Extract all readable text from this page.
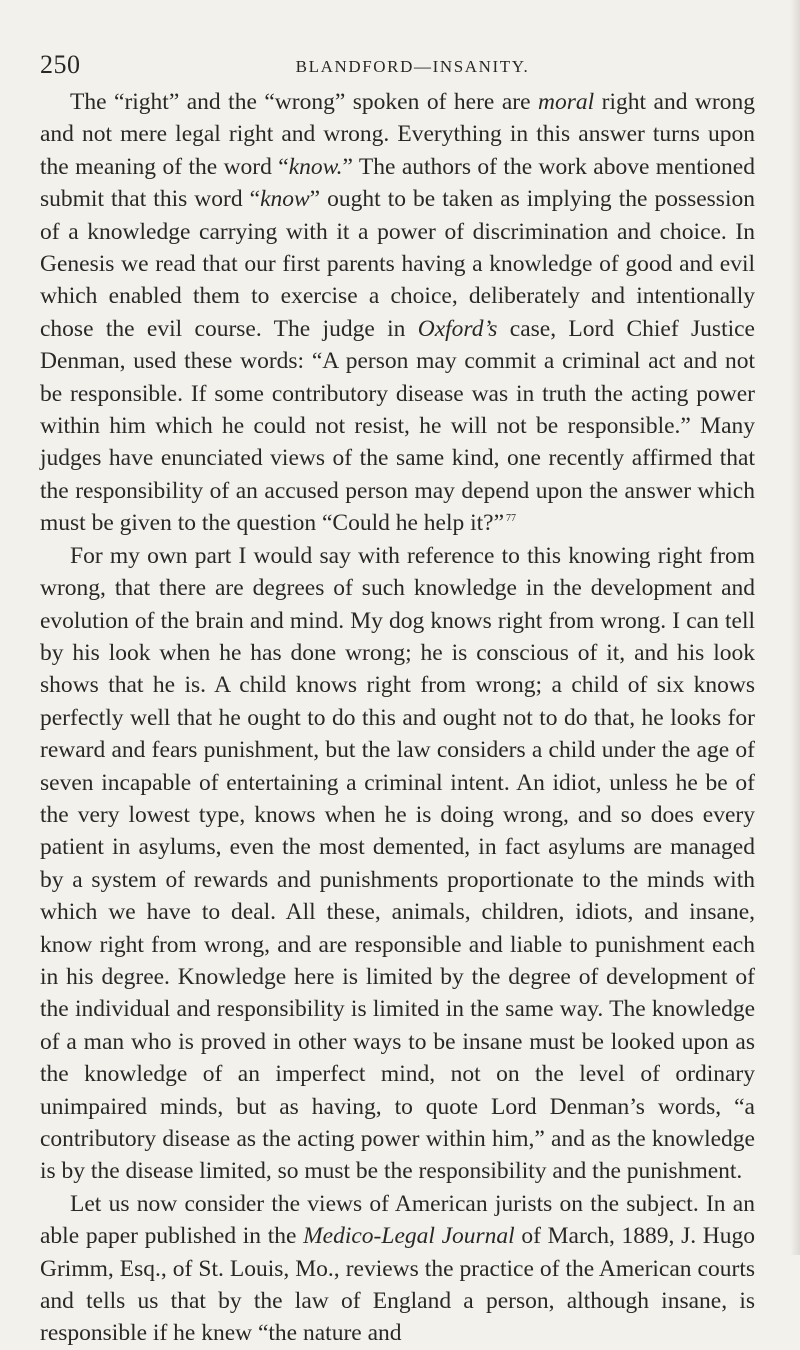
250	BLANDFORD—INSANITY.

The “right” and the “wrong” spoken of here are moral right and wrong and not mere legal right and wrong. Everything in this answer turns upon the meaning of the word “know.” The authors of the work above mentioned submit that this word “know” ought to be taken as implying the possession of a knowledge carrying with it a power of discrimination and choice. In Genesis we read that our first parents having a knowledge of good and evil which enabled them to exercise a choice, deliberately and intentionally chose the evil course. The judge in Oxford’s case, Lord Chief Justice Denman, used these words: “A person may commit a criminal act and not be responsible. If some contributory disease was in truth the acting power within him which he could not resist, he will not be responsible.” Many judges have enunciated views of the same kind, one recently affirmed that the responsibility of an accused person may depend upon the answer which must be given to the question “Could he help it?” $^{77}$

For my own part I would say with reference to this knowing right from wrong, that there are degrees of such knowledge in the development and evolution of the brain and mind. My dog knows right from wrong. I can tell by his look when he has done wrong; he is conscious of it, and his look shows that he is. A child knows right from wrong; a child of six knows perfectly well that he ought to do this and ought not to do that, he looks for reward and fears punishment, but the law considers a child under the age of seven incapable of entertaining a criminal intent. An idiot, unless he be of the very lowest type, knows when he is doing wrong, and so does every patient in asylums, even the most demented, in fact asylums are managed by a system of rewards and punishments proportionate to the minds with which we have to deal. All these, animals, children, idiots, and insane, know right from wrong, and are responsible and liable to punishment each in his degree. Knowledge here is limited by the degree of development of the individual and responsibility is limited in the same way. The knowledge of a man who is proved in other ways to be insane must be looked upon as the knowledge of an imperfect mind, not on the level of ordinary unimpaired minds, but as having, to quote Lord Denman’s words, “a contributory disease as the acting power within him,” and as the knowledge is by the disease limited, so must be the responsibility and the punishment.

Let us now consider the views of American jurists on the subject. In an able paper published in the Medico-Legal Journal of March, 1889, J. Hugo Grimm, Esq., of St. Louis, Mo., reviews the practice of the American courts and tells us that by the law of England a person, although insane, is responsible if he knew “the nature and
